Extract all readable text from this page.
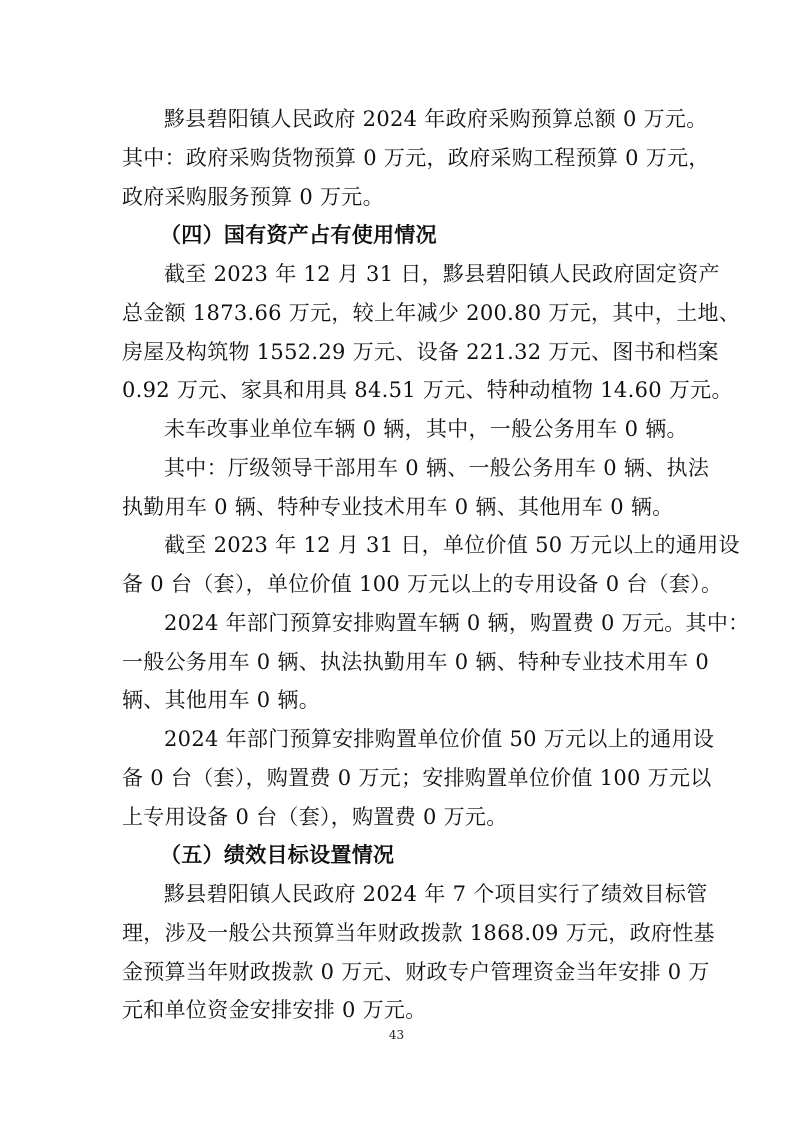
黟县碧阳镇人民政府 2024 年政府采购预算总额 0 万元。
其中：政府采购货物预算 0 万元，政府采购工程预算 0 万元，
政府采购服务预算 0 万元。
（四）国有资产占有使用情况
截至 2023 年 12 月 31 日，黟县碧阳镇人民政府固定资产
总金额 1873.66 万元，较上年减少 200.80 万元，其中，土地、
房屋及构筑物 1552.29 万元、设备 221.32 万元、图书和档案
0.92 万元、家具和用具 84.51 万元、特种动植物 14.60 万元。
未车改事业单位车辆 0 辆，其中，一般公务用车 0 辆。
其中：厅级领导干部用车 0 辆、一般公务用车 0 辆、执法
执勤用车 0 辆、特种专业技术用车 0 辆、其他用车 0 辆。
截至 2023 年 12 月 31 日，单位价值 50 万元以上的通用设
备 0 台（套），单位价值 100 万元以上的专用设备 0 台（套）。
2024 年部门预算安排购置车辆 0 辆，购置费 0 万元。其中：
一般公务用车 0 辆、执法执勤用车 0 辆、特种专业技术用车 0
辆、其他用车 0 辆。
2024 年部门预算安排购置单位价值 50 万元以上的通用设
备 0 台（套），购置费 0 万元；安排购置单位价值 100 万元以
上专用设备 0 台（套），购置费 0 万元。
（五）绩效目标设置情况
黟县碧阳镇人民政府 2024 年 7 个项目实行了绩效目标管
理，涉及一般公共预算当年财政拨款 1868.09 万元，政府性基
金预算当年财政拨款 0 万元、财政专户管理资金当年安排 0 万
元和单位资金安排安排 0 万元。
43
